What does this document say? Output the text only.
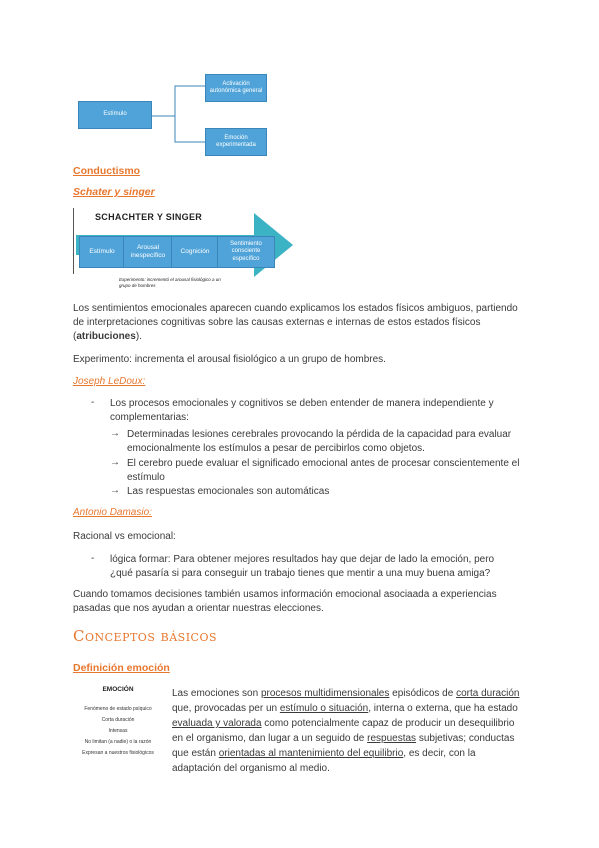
Estímulo
Activación autonómica general
Emoción experimentada
Conductismo
Schater y singer
SCHACHTER Y SINGER
Estímulo
Arousal inespecífico
Cognición
Sentimiento consciente específico
Experimento: incrementó el arousal fisiológico a un grupo de hombres
Los sentimientos emocionales aparecen cuando explicamos los estados físicos ambiguos, partiendo de interpretaciones cognitivas sobre las causas externas e internas de estos estados físicos (atribuciones).
Experimento: incrementa el arousal fisiológico a un grupo de hombres.
Joseph LeDoux:
- Los procesos emocionales y cognitivos se deben entender de manera independiente y complementarias:
→ Determinadas lesiones cerebrales provocando la pérdida de la capacidad para evaluar emocionalmente los estímulos a pesar de percibirlos como objetos.
→ El cerebro puede evaluar el significado emocional antes de procesar conscientemente el estímulo
→ Las respuestas emocionales son automáticas
Antonio Damasio:
Racional vs emocional:
- lógica formar: Para obtener mejores resultados hay que dejar de lado la emoción, pero ¿qué pasaría si para conseguir un trabajo tienes que mentir a una muy buena amiga?
Cuando tomamos decisiones también usamos información emocional asociaada a experiencias pasadas que nos ayudan a orientar nuestras elecciones.
Conceptos básicos
Definición emoción
EMOCIÓN
Fenómeno de estado psíquico
Corta duración
Intensas
No limitan (a nadie) o la razón
Expresan a nuestros fisiológicos
Las emociones son procesos multidimensionales episódicos de corta duración que, provocadas per un estímulo o situación, interna o externa, que ha estado evaluada y valorada como potencialmente capaz de producir un desequilibrio en el organismo, dan lugar a un seguido de respuestas subjetivas; conductas que están orientadas al mantenimiento del equilibrio, es decir, con la adaptación del organismo al medio.
